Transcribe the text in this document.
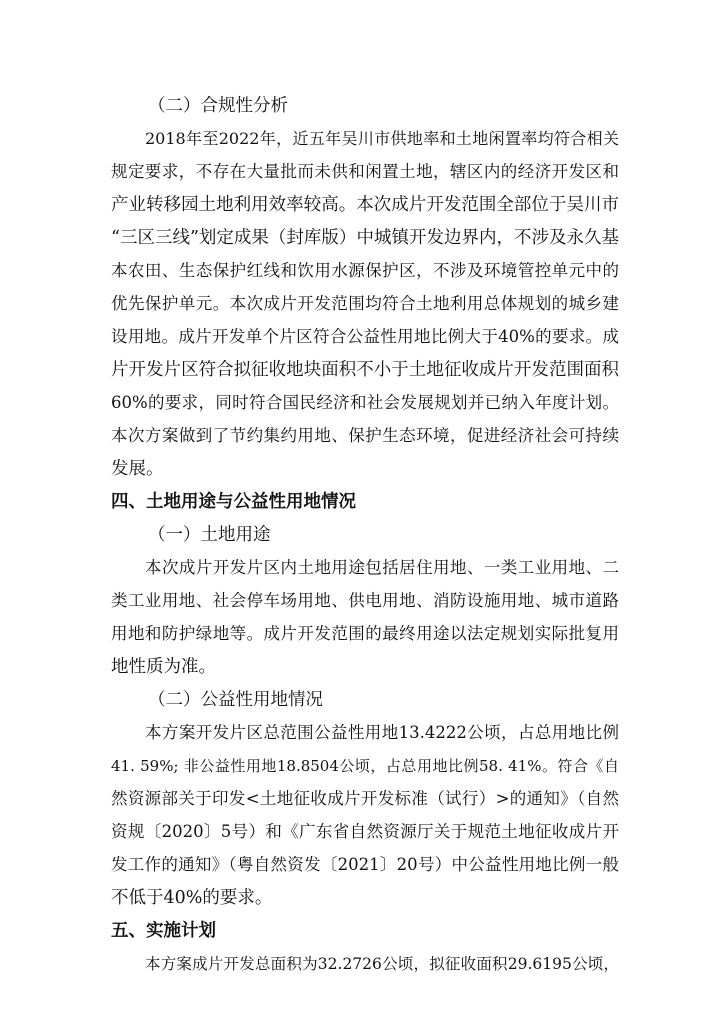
（二）合规性分析
2018年至2022年，近五年吴川市供地率和土地闲置率均符合相关
规定要求，不存在大量批而未供和闲置土地，辖区内的经济开发区和
产业转移园土地利用效率较高。本次成片开发范围全部位于吴川市
“三区三线”划定成果（封库版）中城镇开发边界内，不涉及永久基
本农田、生态保护红线和饮用水源保护区，不涉及环境管控单元中的
优先保护单元。本次成片开发范围均符合土地利用总体规划的城乡建
设用地。成片开发单个片区符合公益性用地比例大于40%的要求。成
片开发片区符合拟征收地块面积不小于土地征收成片开发范围面积
60%的要求，同时符合国民经济和社会发展规划并已纳入年度计划。
本次方案做到了节约集约用地、保护生态环境，促进经济社会可持续
发展。
四、土地用途与公益性用地情况
（一）土地用途
本次成片开发片区内土地用途包括居住用地、一类工业用地、二
类工业用地、社会停车场用地、供电用地、消防设施用地、城市道路
用地和防护绿地等。成片开发范围的最终用途以法定规划实际批复用
地性质为准。
（二）公益性用地情况
本方案开发片区总范围公益性用地13.4222公顷，占总用地比例
41. 59%; 非公益性用地18.8504公顷，占总用地比例58. 41%。符合《自
然资源部关于印发<土地征收成片开发标准（试行）>的通知》（自然
资规〔2020〕5号）和《广东省自然资源厅关于规范土地征收成片开
发工作的通知》（粤自然资发〔2021〕20号）中公益性用地比例一般
不低于40%的要求。
五、实施计划
本方案成片开发总面积为32.2726公顷，拟征收面积29.6195公顷，
